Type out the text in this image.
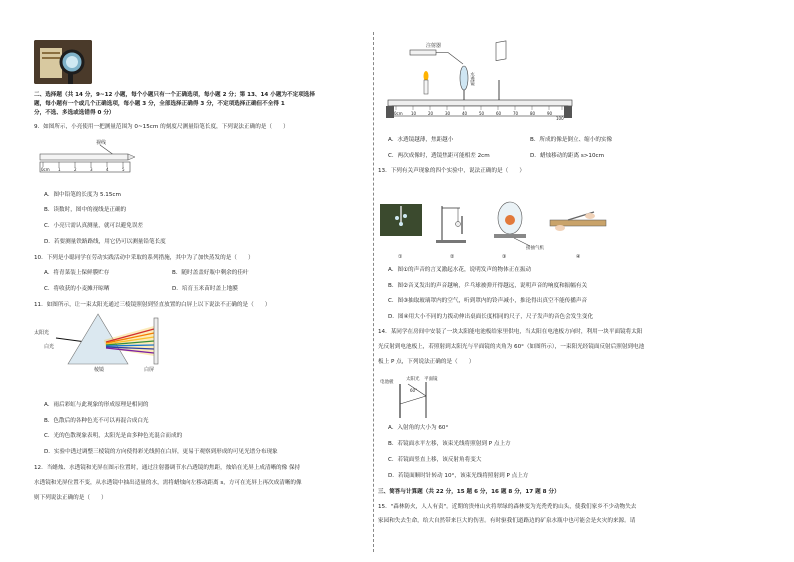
二、选择题（共 14 分，9~12 小题，每个小题只有一个正确选项，每小题 2 分；第 13、14 小题为不定项选择
题，每小题有一个或几个正确选项，每小题 3 分，全部选择正确得 3 分，不定项选择正确但不全得 1
分，不选、多选或选错得 0 分）
9．如图所示，小亮使用一把测量范围为 0~15cm 的刻度尺测量铅笔长度，下列说法正确的是（　　）
视线
0cm 1	2	3	4	5
A．图中铅笔的长度为 5.15cm
B．读数时，图中的视线是正确的
C．小亮只需认真测量，就可以避免误差
D．若要测量铁路路线，用它仍可以测量铅笔长度
10．下列是小聪同学在劳动实践活动中采取的系列措施，其中为了加快蒸发的是（　　）
A．将青菜装上保鲜膜贮存	B．随时盖盖好瓶中剩余的佳叶
C．将收获的小麦摊开晾晒	D．培育玉米苗时盖上地膜
11．如图所示，让一束太阳光通过三棱镜照射到竖直放置的白屏上以下说法不正确的是（　　）
太阳光
白光
棱镜	白屏
A．雨后彩虹与此现象的形成原理是相同的
B．色散后的各种色光不可以再混合成白光
C．光的色散现象表明，太阳光是由多种色光混合而成的
D．实验中透过调整三棱镜的方向使得彩光线照在白屏，更易于观察到形成的可见光谱分布现象
12．当蜡烛、水透镜和光屏在图示位置时，通过注射器调节水凸透镜的焦距，烛焰在光屏上成清晰的像 保持
水透镜和光屏位置不变，从水透镜中抽出适量的水，需将蜡烛向左移动距离 s，方可在光屏上再次成清晰的像
则下列说法正确的是（　　）
注射器
水透镜
0cm 10	20	30	40	50	60	70	80	90
100
A．水透镜越薄，焦距越小	B．所成的像是倒立、缩小的实像
C．两次成像时，透镜焦距可能相差 2cm	D．蜡烛移动的距离 s>10cm
13．下列有关声现象的四个实验中，说法正确的是（　　）
接抽气机
①	②	③	④
A．图①的声音的言叉激起水花，说明发声的物体正在振动
B．图②音叉发出的声音越响，乒乓球被弹开得越远，说明声音的响度和振幅有关
C．图③抽取玻璃罩内的空气，听到罩内的铃声减小，推论得出真空不能传播声音
D．图④用大小不同的力拨动伸出桌面长度相同的尺子，尺子发声的音色会发生变化
14．某同学在房间中安装了一块太阳能电池板给家里供电，当太阳在电池板方向时，利用一块平面镜将太阳
光反射到电池板上，若照射到太阳光与平面镜的夹角为 60°（如图所示），一束阳光经镜面反射后照射到电池
板上 P 点，下列说法正确的是（　　）
电池板
太阳光 平面镜
60°
A．入射角的大小为 60°
B．若镜面水平左移，该束光线将照射到 P 点上方
C．若镜面竖直上移，该反射角将变大
D．若镜面顺时针转动 10°，该束光线将照射到 P 点上方
三、简答与计算题（共 22 分，15 题 6 分，16 题 8 分，17 题 8 分）
15．"森林防火，人人有责"。近期的贵州山火将翠绿的森林变为光秃秃的山头，使我们家乡不少动物失去
家园和失去生命，给大自然带来巨大的伤害。有时驱我们道路边的矿泉水瓶中也可能会是火灾的来源。请
